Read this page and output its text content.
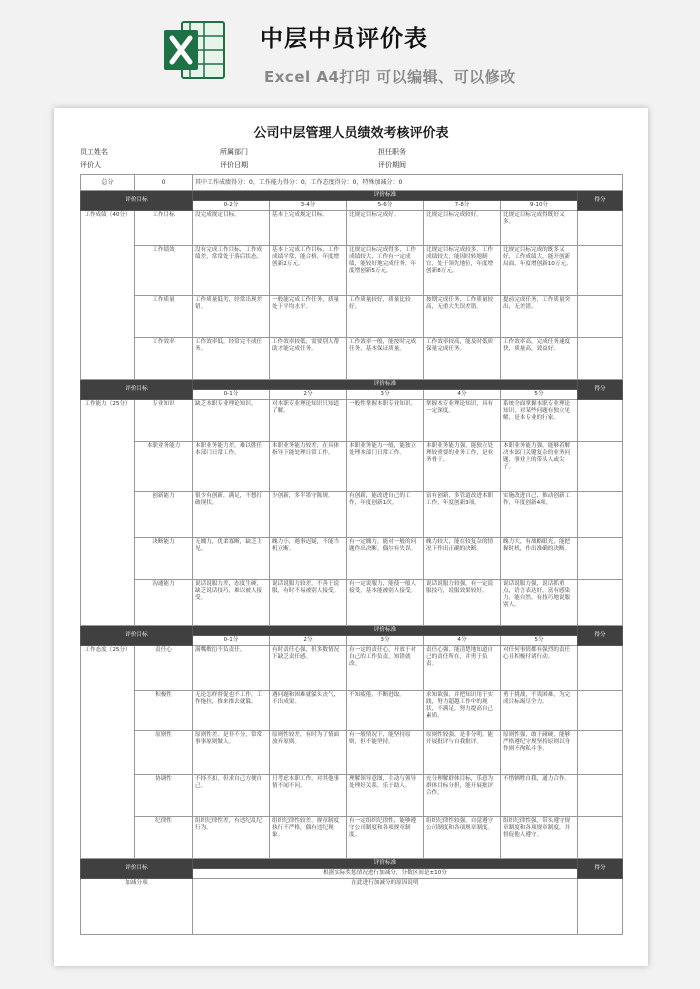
中层中员评价表
Excel A4打印 可以编辑、可以修改
公司中层管理人员绩效考核评价表
员工姓名	所属部门	担任职务
评价人	评价日期	评价期间
总分	0	其中工作成绩得分：0，工作能力得分：0，工作态度得分：0，特殊加减分：0					
评价目标		评价标准					得分
		0-2分	3-4分	5-6分	7-8分	9-10分	
工作成绩（40分）	工作目标	没完成规定目标。	基本上完成规定目标。	比规定目标完成好。	比规定目标完成较好。	比规定目标完成得既好又多。	
	工作绩效	没有完成工作目标，工作成绩差，常常处于落后状态。	基本上完成工作目标，工作成绩平常，能合格，年度增创新2万元。	比规定目标完成得多，工作成绩较大，工作有一定成绩，能较好地完成任务，年度增创新5万元。	比规定目标完成较多，工作成绩较大，能因时转地制宜，处于领先地位，年度增创新8万元。	比规定目标完成的既多又好，工作成绩大，能开创新局面，年度增创新10万元。	
	工作质量	工作质量低劣，经常出现差错。	一般能完成工作任务，质量处于平均水平。	工作质量较好，质量比较好。	按期完成任务，工作质量较高，无重大失误差错。	提前完成任务，工作质量突出，无差错。	
	工作效率	工作效率低，经常完不成任务。	工作效率较低，需要别人帮助才能完成任务。	工作效率一般，能按时完成任务，基本保证质量。	工作效率较高，能及时低质保量完成任务。	工作效率高，完成任务速度快，质量高，效益好。	
评价目标		评价标准					得分
		0-1分	2分	3分	4分	5分	
工作能力（25分）	专业知识	缺乏本职专业理论知识。	对本职专业理论知识只知道了解。	一般性掌握本职专业知识。	掌握本专业理论知识，具有一定深度。	系统全面掌握本职专业理论知识，对某些问题有独立见解，是本专业的行家。	
	本职业务能力	本职业务能力差，难以胜任本部门日常工作。	本职业务能力较差，在具体指导下能处理日常工作。	本职业务能力一般，能独立处理本部门日常工作。	本职业务能力强，能独立处理较重要的业务工作，是业务骨干。	本职业务能力强，能够着解决本部门关键复杂的业务问题，事业上的带头人或尖子。	
	创新能力	很少有创新，满足，不想打破现状。	少创新，多半墨守陈规。	有创新，能改进自己的工作，年度创新1次。	富有创新，多管道改进本职工作，年度创新3项。	实施改进自己，推动创新工作，年度创新4项。	
	决断能力	无魄力，优柔寡断，缺乏主见。	魄力小，遇事迟疑，不能当机立断。	有一定魄力，能对一般的问题作出决断，偶尔有失误。	魄力较大，能在较复杂的情况下作出正确的决断。	魄力大，有战略眼光，能把握时机，作出准确的决断。	
	沟通能力	说话说服力差，态度生硬，缺乏说话技巧，难以被人接受。	说话说服力较差，不善于说服，有时不易被别人接受。	有一定说服力，能使一般人接受，基本能被别人接受。	说话说服力较强，有一定说服技巧，说服效果较好。	说话说服力强，说话抓重点，语言表达好，富有感染力，能自然，有技巧地说服别人。	
评价目标		评价标准					得分
		0-1分	2分	3分	4分	5分	
工作态度（25分）	责任心	满嘴敷衍不负责任。	有时责任心强，但多数情况下缺乏责任感。	有一定的责任心，开放于对自己的工作负责，知错就改。	责任心强，能清楚地知道自己的责任所在，并勇于负责。	对任何事情都有强烈的责任心且积极付诸行动。	
	积极性	无论怎样督促也不工作，工作拖拉，推来推去就躲。	遇问题和困难就躲头丧气，不出成果。	不知疲倦，不断进取。	求知欲强，并把知识用于实践，努力超越工作中的现状，不满足，努力提高自己素质。	勇于挑战，不畏困难，为完成目标竭尽全力。	
	原则性	原则性差，是非不分，常常事事原则做人。	原则性较差，有时为了情面放弃原则。	有一般情况下，能坚持原则，但不能坚持。	原则性较强，是非分明，能开展批评与自我批评。	原则性强，敢于碰硬，能够严格遵纪守规坚持原则以身作则不徇私斗争。	
	协调性	不择不扣，但求自己方便自己。	只考虑本职工作，对其他事情不闻不问。	理解领导意图，主动与领导处理好关系，乐于助人。	充分理解群体目标，乐意为群体目标分担，能开展批评合作。	不惜牺牲自我，通力合作。	
	纪律性	组织纪律性差，有违纪乱纪行为。	组织纪律性较差，规章制度执行不严格，偶有违纪现象。	有一定组织纪律性，能够遵守公司制度和各项规章制度。	组织纪律性较强，自觉遵守公司制度和各项规章制度。	组织纪律性强，带头遵守规章制度和各项规章制度，并督促他人遵守。	
评价目标		评价标准					得分
		根据实际奖惩情况进行加减分，分数区间是±10分					
加减分项		在此进行加减分的原因说明					
